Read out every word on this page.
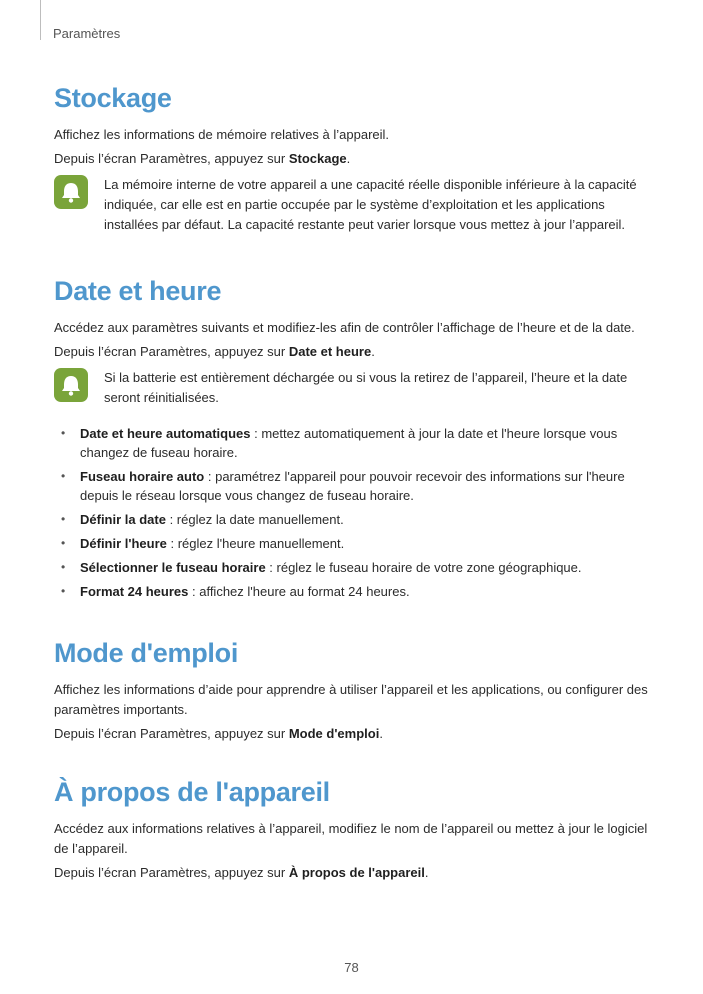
Paramètres
Stockage

Affichez les informations de mémoire relatives à l’appareil.

Depuis l’écran Paramètres, appuyez sur Stockage.

La mémoire interne de votre appareil a une capacité réelle disponible inférieure à la capacité indiquée, car elle est en partie occupée par le système d’exploitation et les applications installées par défaut. La capacité restante peut varier lorsque vous mettez à jour l’appareil.

Date et heure

Accédez aux paramètres suivants et modifiez-les afin de contrôler l’affichage de l’heure et de la date.

Depuis l’écran Paramètres, appuyez sur Date et heure.

Si la batterie est entièrement déchargée ou si vous la retirez de l’appareil, l’heure et la date seront réinitialisées.

• Date et heure automatiques : mettez automatiquement à jour la date et l'heure lorsque vous changez de fuseau horaire.
• Fuseau horaire auto : paramétrez l'appareil pour pouvoir recevoir des informations sur l'heure depuis le réseau lorsque vous changez de fuseau horaire.
• Définir la date : réglez la date manuellement.
• Définir l'heure : réglez l'heure manuellement.
• Sélectionner le fuseau horaire : réglez le fuseau horaire de votre zone géographique.
• Format 24 heures : affichez l'heure au format 24 heures.
Mode d'emploi

Affichez les informations d’aide pour apprendre à utiliser l’appareil et les applications, ou configurer des paramètres importants.

Depuis l’écran Paramètres, appuyez sur Mode d'emploi.

À propos de l'appareil

Accédez aux informations relatives à l’appareil, modifiez le nom de l’appareil ou mettez à jour le logiciel de l’appareil.

Depuis l’écran Paramètres, appuyez sur À propos de l'appareil.

78
